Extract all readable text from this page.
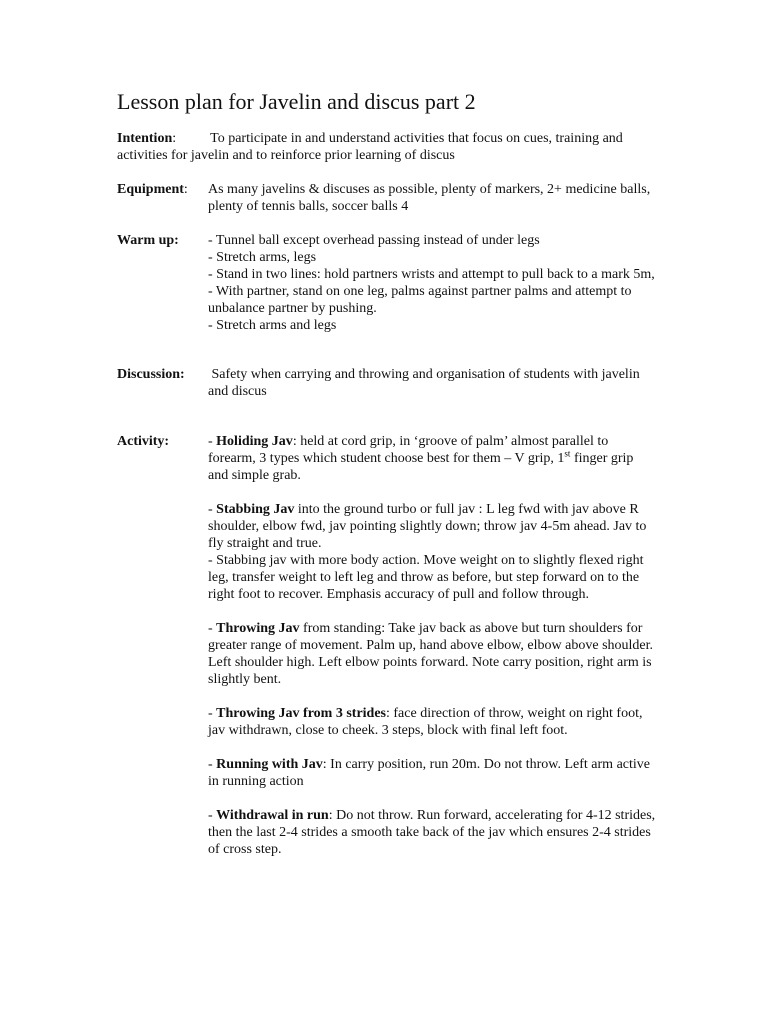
Lesson plan for Javelin and discus part 2
Intention: To participate in and understand activities that focus on cues, training and activities for javelin and to reinforce prior learning of discus
Equipment:	As many javelins & discuses as possible, plenty of markers, 2+ medicine balls, plenty of tennis balls, soccer balls 4
Warm up:	- Tunnel ball except overhead passing instead of under legs
- Stretch arms, legs
- Stand in two lines: hold partners wrists and attempt to pull back to a mark 5m,
- With partner, stand on one leg, palms against partner palms and attempt to unbalance partner by pushing.
- Stretch arms and legs
Discussion:	Safety when carrying and throwing and organisation of students with javelin and discus
Activity:	- Holiding Jav: held at cord grip, in ‘groove of palm’ almost parallel to forearm, 3 types which student choose best for them – V grip, 1st finger grip and simple grab.
- Stabbing Jav into the ground turbo or full jav : L leg fwd with jav above R shoulder, elbow fwd, jav pointing slightly down; throw jav 4-5m ahead. Jav to fly straight and true.
- Stabbing jav with more body action. Move weight on to slightly flexed right leg, transfer weight to left leg and throw as before, but step forward on to the right foot to recover. Emphasis accuracy of pull and follow through.
- Throwing Jav from standing: Take jav back as above but turn shoulders for greater range of movement. Palm up, hand above elbow, elbow above shoulder. Left shoulder high. Left elbow points forward. Note carry position, right arm is slightly bent.
- Throwing Jav from 3 strides: face direction of throw, weight on right foot, jav withdrawn, close to cheek. 3 steps, block with final left foot.
- Running with Jav: In carry position, run 20m. Do not throw. Left arm active in running action
- Withdrawal in run: Do not throw. Run forward, accelerating for 4-12 strides, then the last 2-4 strides a smooth take back of the jav which ensures 2-4 strides of cross step.
